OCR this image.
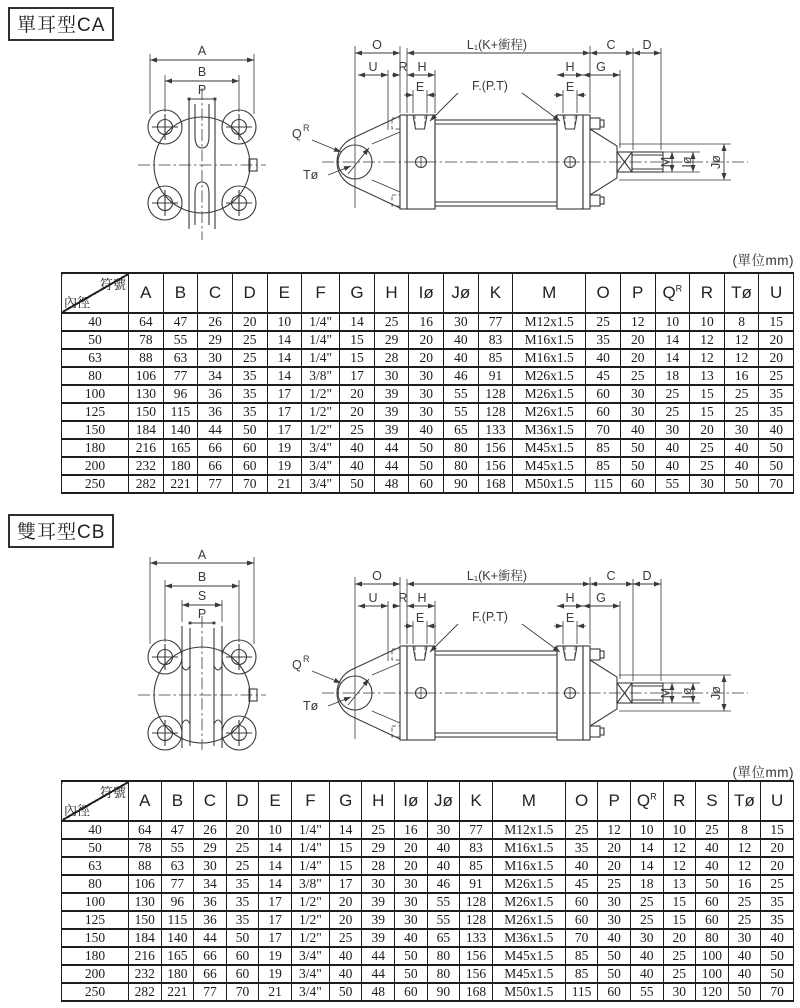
單耳型CA
A
B
P
M Iø Jø
O	L₁(K+衝程)	C D
U R H	H G
E	E
F.(P.T)
Q R
Tø
(單位mm)
符號
內徑	A	B	C	D	E	F	G	H	Iø	Jø	K	M	O	P	$Q^R$	R	Tø	U
40	64	47	26	20	10	1/4"	14	25	16	30	77	M12x1.5	25	12	10	10	8	15
50	78	55	29	25	14	1/4"	15	29	20	40	83	M16x1.5	35	20	14	12	12	20
63	88	63	30	25	14	1/4"	15	28	20	40	85	M16x1.5	40	20	14	12	12	20
80	106	77	34	35	14	3/8"	17	30	30	46	91	M26x1.5	45	25	18	13	16	25
100	130	96	36	35	17	1/2"	20	39	30	55	128	M26x1.5	60	30	25	15	25	35
125	150	115	36	35	17	1/2"	20	39	30	55	128	M26x1.5	60	30	25	15	25	35
150	184	140	44	50	17	1/2"	25	39	40	65	133	M36x1.5	70	40	30	20	30	40
180	216	165	66	60	19	3/4"	40	44	50	80	156	M45x1.5	85	50	40	25	40	50
200	232	180	66	60	19	3/4"	40	44	50	80	156	M45x1.5	85	50	40	25	40	50
250	282	221	77	70	21	3/4"	50	48	60	90	168	M50x1.5	115	60	55	30	50	70
雙耳型CB
A
B
S
P
M Iø Jø
O	L₁(K+衝程)	C D
U R H	H G
E	E
F.(P.T)
Q R
Tø
(單位mm)
符號
內徑	A	B	C	D	E	F	G	H	Iø	Jø	K	M	O	P	$Q^R$	R	S	Tø	U
40	64	47	26	20	10	1/4"	14	25	16	30	77	M12x1.5	25	12	10	10	25	8	15
50	78	55	29	25	14	1/4"	15	29	20	40	83	M16x1.5	35	20	14	12	40	12	20
63	88	63	30	25	14	1/4"	15	28	20	40	85	M16x1.5	40	20	14	12	40	12	20
80	106	77	34	35	14	3/8"	17	30	30	46	91	M26x1.5	45	25	18	13	50	16	25
100	130	96	36	35	17	1/2"	20	39	30	55	128	M26x1.5	60	30	25	15	60	25	35
125	150	115	36	35	17	1/2"	20	39	30	55	128	M26x1.5	60	30	25	15	60	25	35
150	184	140	44	50	17	1/2"	25	39	40	65	133	M36x1.5	70	40	30	20	80	30	40
180	216	165	66	60	19	3/4"	40	44	50	80	156	M45x1.5	85	50	40	25	100	40	50
200	232	180	66	60	19	3/4"	40	44	50	80	156	M45x1.5	85	50	40	25	100	40	50
250	282	221	77	70	21	3/4"	50	48	60	90	168	M50x1.5	115	60	55	30	120	50	70
